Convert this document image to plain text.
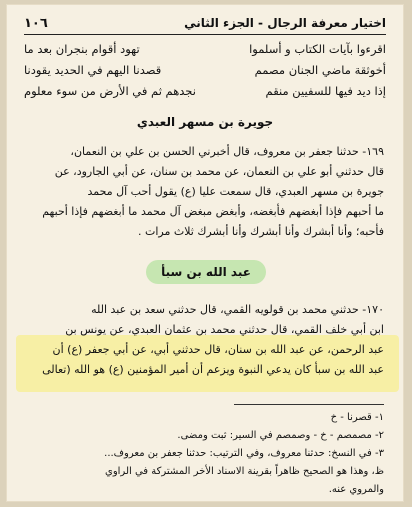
١٠٦	اختيار معرفة الرجال - الجزء الثاني
اقرءوا بآيات الكتاب و أسلموا
تهود أقوام بنجران بعد ما
أخوثقة ماضي الجنان مصمم
قصدنا اليهم في الحديد يقودنا
إذا ديد فيها للسفيين منقم
نجدهم ثم في الأرض من سوء معلوم
جويرة بن مسهر العبدي
١٦٩- حدثنا جعفر بن معروف، قال أخبرني الحسن بن علي بن النعمان،
قال حدثني أبو علي بن النعمان، عن محمد بن سنان، عن أبي الجارود، عن
جويرة بن مسهر العبدي، قال سمعت عليا (ع) يقول أحب آل محمد
ما أحبهم فإذا أبغضهم فأبغضه، وأبغض مبغض آل محمد ما أبغضهم فإذا أحبهم
فأحبه؛ وأنا أبشرك وأنا أبشرك وأنا أبشرك ثلاث مرات .
عبد الله بن سبأ
١٧٠- حدثني محمد بن قولويه القمي، قال حدثني سعد بن عبد الله
ابن أبي خلف القمي، قال حدثني محمد بن عثمان العبدي، عن يونس بن
عبد الرحمن، عن عبد الله بن سنان، قال حدثني أبي، عن أبي جعفر (ع) أن
عبد الله بن سبأ كان يدعي النبوة ويزعم أن أمير المؤمنين (ع) هو الله (تعالى
١- قصرنا - خ
٢- مصمصم - خ - وصمصم في السير: ثبت ومضى.
٣- في النسخ: حدثنا معروف، وفي الترتيب: حدثنا جعفر بن معروف...
ظ، وهذا هو الصحيح ظاهراً بقرينة الاسناد الأخر المشتركة في الراوي
والمروي عنه.
